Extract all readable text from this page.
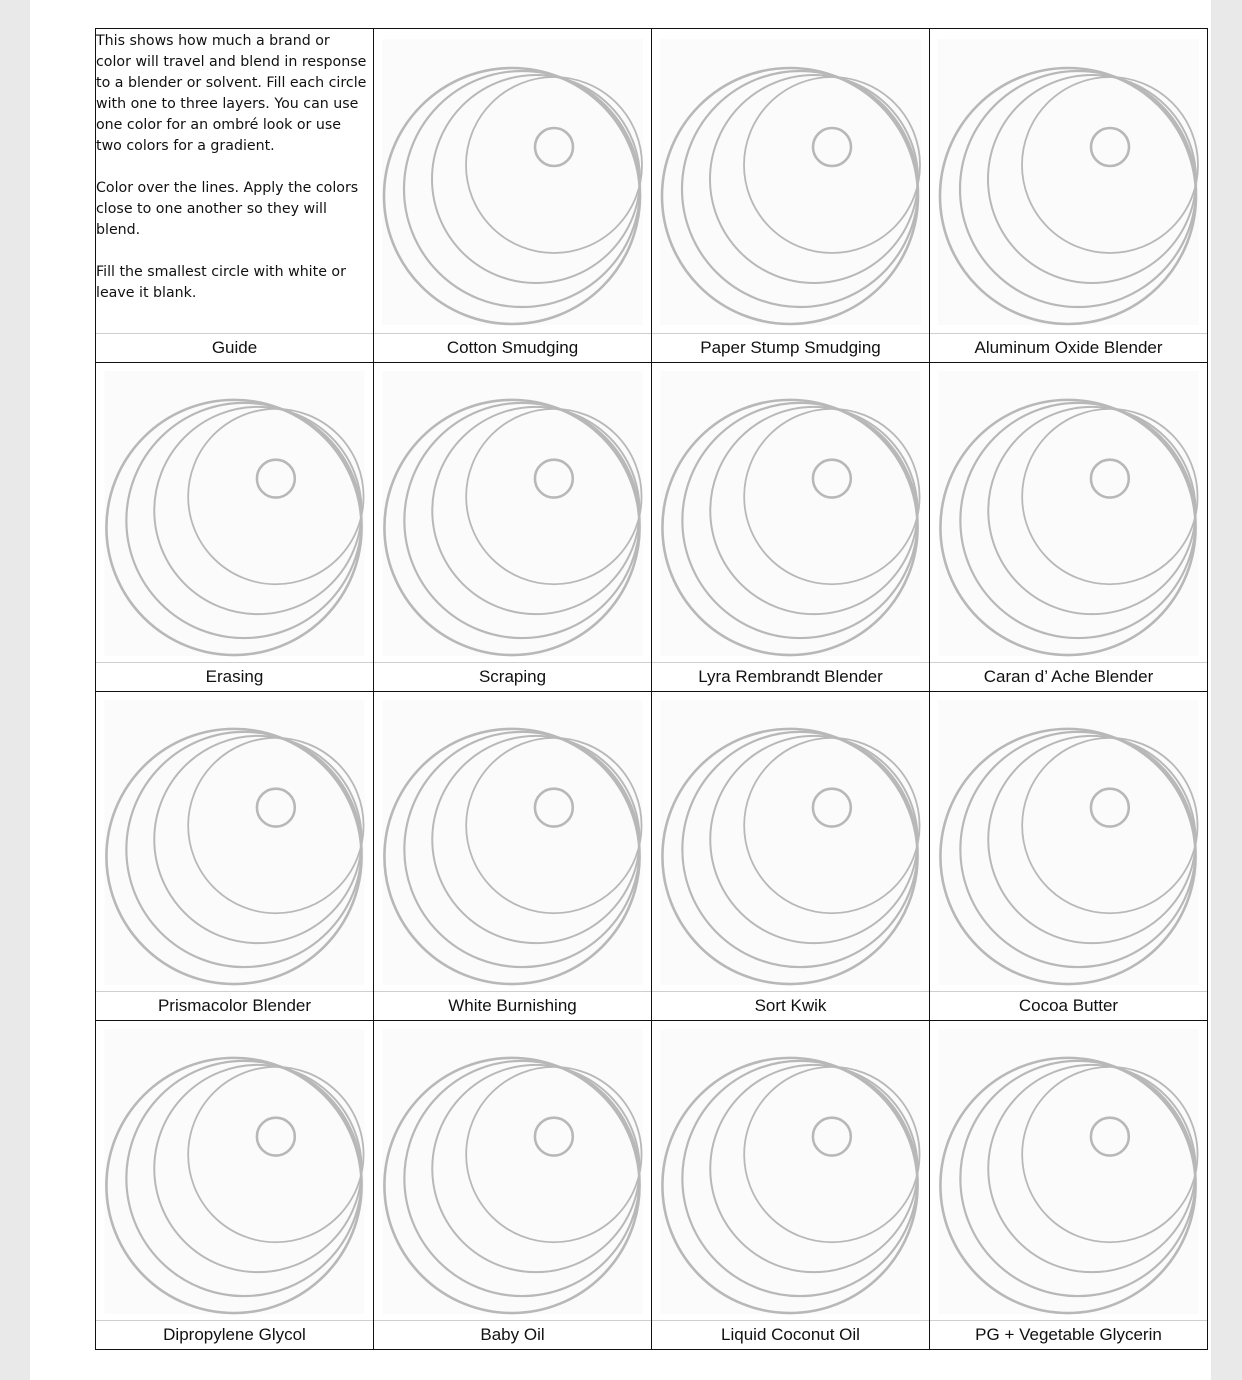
This shows how much a brand or color will travel and blend in response to a blender or solvent. Fill each circle with one to three layers. You can use one color for an ombré look or use two colors for a gradient.

Color over the lines. Apply the colors close to one another so they will blend.

Fill the smallest circle with white or leave it blank.

Guide	Cotton Smudging	Paper Stump Smudging	Aluminum Oxide Blender
Erasing	Scraping	Lyra Rembrandt Blender	Caran d’ Ache Blender
Prismacolor Blender	White Burnishing	Sort Kwik	Cocoa Butter
Dipropylene Glycol	Baby Oil	Liquid Coconut Oil	PG + Vegetable Glycerin
